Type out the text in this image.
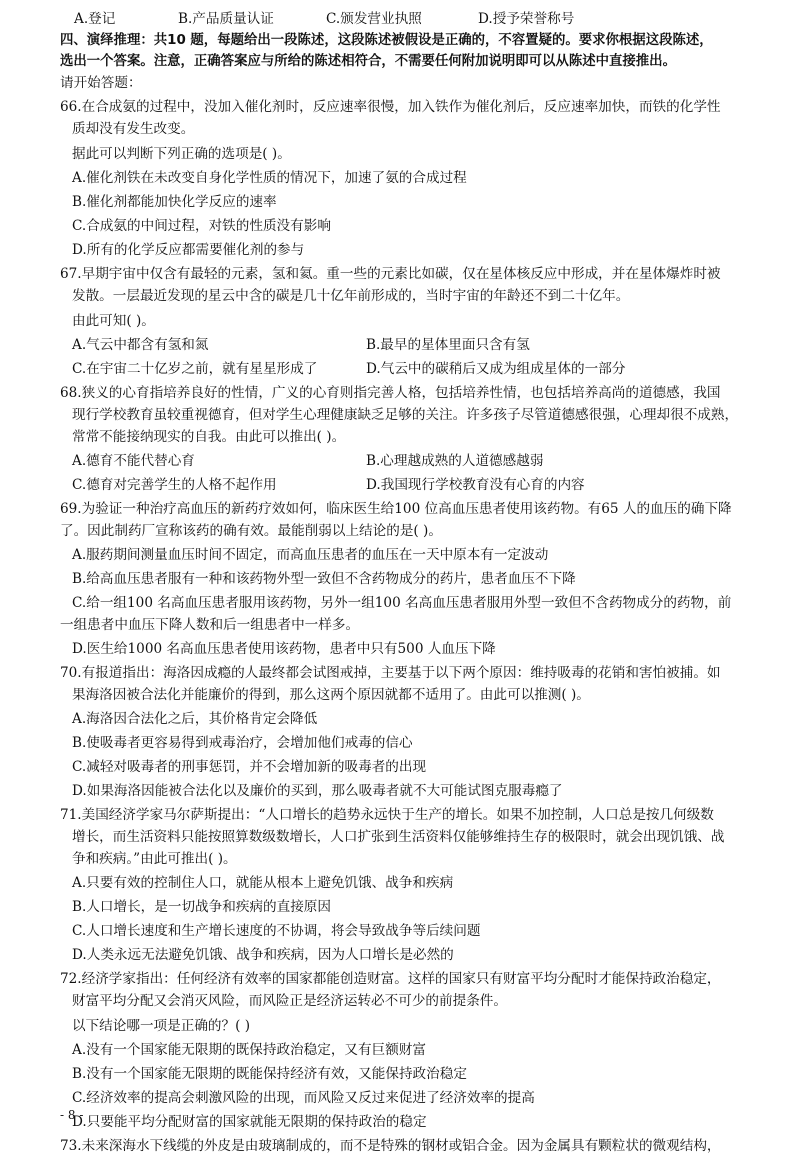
A.登记	B.产品质量认证	C.颁发营业执照	D.授予荣誉称号
四、演绎推理：共10 题，每题给出一段陈述，这段陈述被假设是正确的，不容置疑的。要求你根据这段陈述，
选出一个答案。注意，正确答案应与所给的陈述相符合，不需要任何附加说明即可以从陈述中直接推出。
请开始答题：
66.在合成氨的过程中，没加入催化剂时，反应速率很慢，加入铁作为催化剂后，反应速率加快，而铁的化学性
质却没有发生改变。
据此可以判断下列正确的选项是( )。
A.催化剂铁在未改变自身化学性质的情况下，加速了氨的合成过程
B.催化剂都能加快化学反应的速率
C.合成氨的中间过程，对铁的性质没有影响
D.所有的化学反应都需要催化剂的参与
67.早期宇宙中仅含有最轻的元素，氢和氦。重一些的元素比如碳，仅在星体核反应中形成，并在星体爆炸时被
发散。一层最近发现的星云中含的碳是几十亿年前形成的，当时宇宙的年龄还不到二十亿年。
由此可知( )。
A.气云中都含有氢和氮	B.最早的星体里面只含有氢
C.在宇宙二十亿岁之前，就有星星形成了	D.气云中的碳稍后又成为组成星体的一部分
68.狭义的心育指培养良好的性情，广义的心育则指完善人格，包括培养性情，也包括培养高尚的道德感，我国
现行学校教育虽较重视德育，但对学生心理健康缺乏足够的关注。许多孩子尽管道德感很强，心理却很不成熟，
常常不能接纳现实的自我。由此可以推出( )。
A.德育不能代替心育	B.心理越成熟的人道德感越弱
C.德育对完善学生的人格不起作用	D.我国现行学校教育没有心育的内容
69.为验证一种治疗高血压的新药疗效如何，临床医生给100 位高血压患者使用该药物。有65 人的血压的确下降
了。因此制药厂宣称该药的确有效。最能削弱以上结论的是( )。
A.服药期间测量血压时间不固定，而高血压患者的血压在一天中原本有一定波动
B.给高血压患者服有一种和该药物外型一致但不含药物成分的药片，患者血压不下降
C.给一组100 名高血压患者服用该药物，另外一组100 名高血压患者服用外型一致但不含药物成分的药物，前
一组患者中血压下降人数和后一组患者中一样多。
D.医生给1000 名高血压患者使用该药物，患者中只有500 人血压下降
70.有报道指出：海洛因成瘾的人最终都会试图戒掉，主要基于以下两个原因：维持吸毒的花销和害怕被捕。如
果海洛因被合法化并能廉价的得到，那么这两个原因就都不适用了。由此可以推测( )。
A.海洛因合法化之后，其价格肯定会降低
B.使吸毒者更容易得到戒毒治疗，会增加他们戒毒的信心
C.减轻对吸毒者的刑事惩罚，并不会增加新的吸毒者的出现
D.如果海洛因能被合法化以及廉价的买到，那么吸毒者就不大可能试图克服毒瘾了
71.美国经济学家马尔萨斯提出：“人口增长的趋势永远快于生产的增长。如果不加控制，人口总是按几何级数
增长，而生活资料只能按照算数级数增长，人口扩张到生活资料仅能够维持生存的极限时，就会出现饥饿、战
争和疾病。”由此可推出( )。
A.只要有效的控制住人口，就能从根本上避免饥饿、战争和疾病
B.人口增长，是一切战争和疾病的直接原因
C.人口增长速度和生产增长速度的不协调，将会导致战争等后续问题
D.人类永远无法避免饥饿、战争和疾病，因为人口增长是必然的
72.经济学家指出：任何经济有效率的国家都能创造财富。这样的国家只有财富平均分配时才能保持政治稳定，
财富平均分配又会消灭风险，而风险正是经济运转必不可少的前提条件。
以下结论哪一项是正确的？( )
A.没有一个国家能无限期的既保持政治稳定，又有巨额财富
B.没有一个国家能无限期的既能保持经济有效，又能保持政治稳定
C.经济效率的提高会刺激风险的出现，而风险又反过来促进了经济效率的提高
D.只要能平均分配财富的国家就能无限期的保持政治的稳定
73.未来深海水下线缆的外皮是由玻璃制成的，而不是特殊的钢材或铝合金。因为金属具有颗粒状的微观结构，
- 8 -
